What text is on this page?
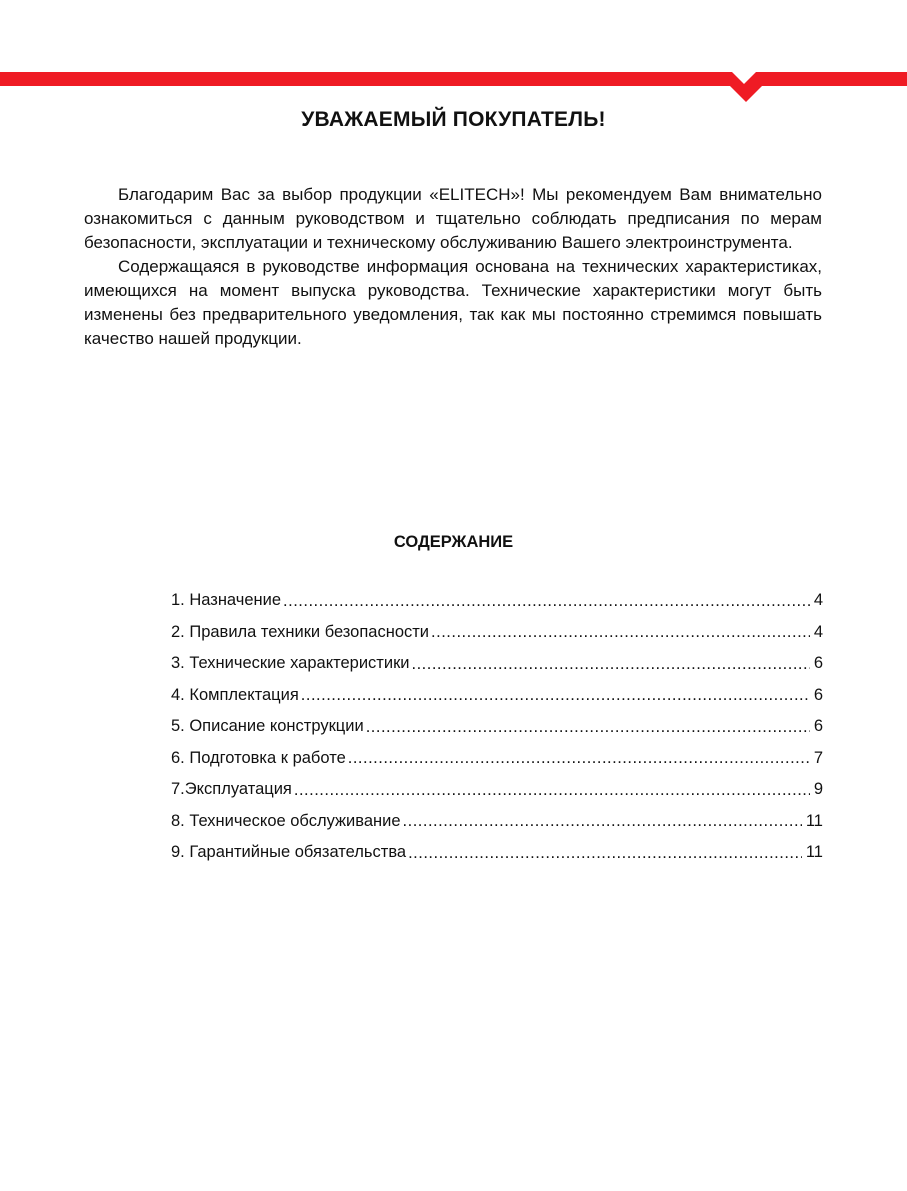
УВАЖАЕМЫЙ ПОКУПАТЕЛЬ!

Благодарим Вас за выбор продукции «ELITECH»! Мы рекомендуем Вам внимательно ознакомиться с данным руководством и тщательно соблюдать предписания по мерам безопасности, эксплуатации и техническому обслуживанию Вашего электроинструмента.

Содержащаяся в руководстве информация основана на технических характеристиках, имеющихся на момент выпуска руководства. Технические характеристики могут быть изменены без предварительного уведомления, так как мы постоянно стремимся повышать качество нашей продукции.

СОДЕРЖАНИЕ
1. Назначение .....	4
2. Правила техники безопасности .....	4
3. Технические характеристики .....	6
4. Комплектация .....	6
5. Описание конструкции .....	6
6. Подготовка к работе .....	7
7.Эксплуатация .....	9
8. Техническое обслуживание .....	11
9. Гарантийные обязательства .....	11
